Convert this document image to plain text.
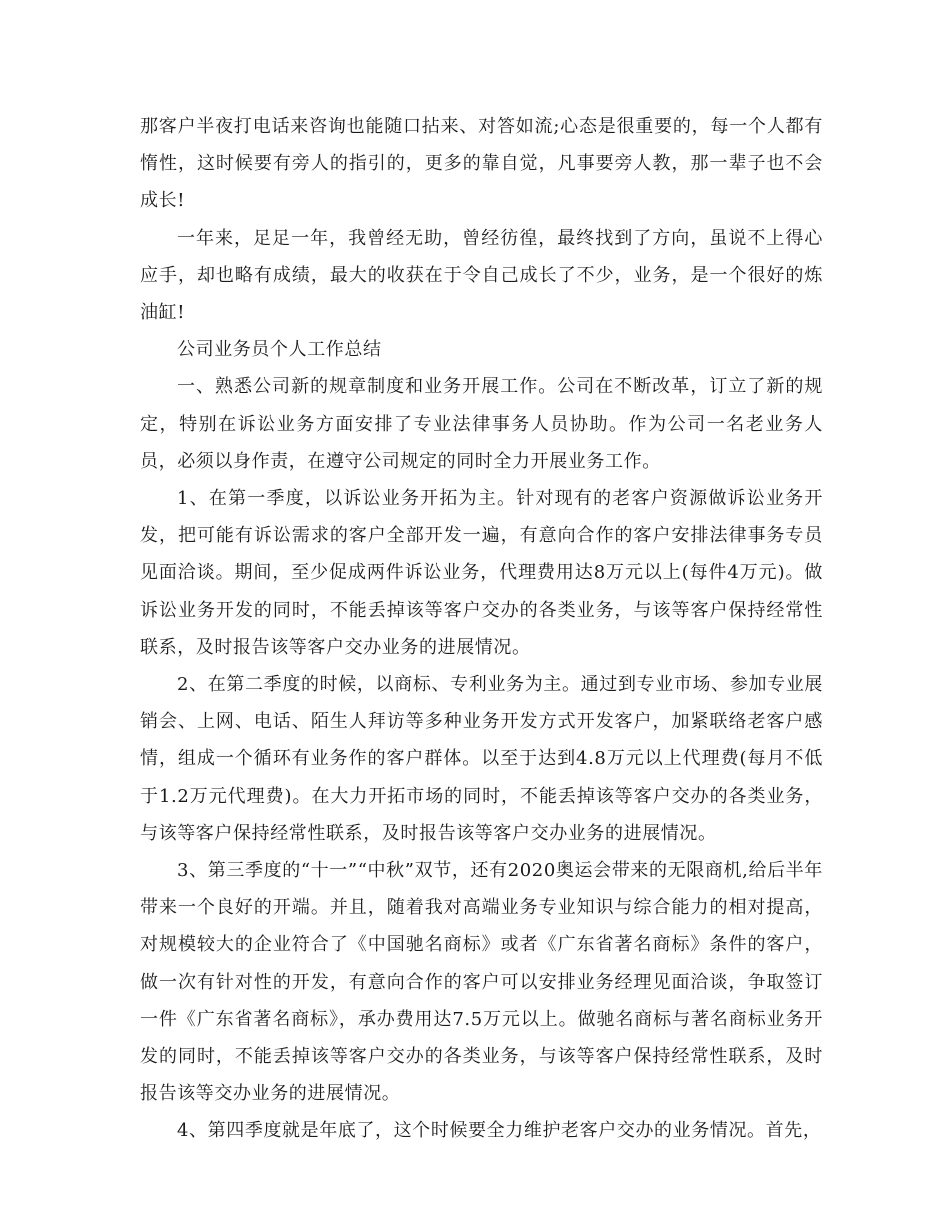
那客户半夜打电话来咨询也能随口拈来、对答如流;心态是很重要的，每一个人都有惰性，这时候要有旁人的指引的，更多的靠自觉，凡事要旁人教，那一辈子也不会成长!

一年来，足足一年，我曾经无助，曾经彷徨，最终找到了方向，虽说不上得心应手，却也略有成绩，最大的收获在于令自己成长了不少，业务，是一个很好的炼油缸!

公司业务员个人工作总结

一、熟悉公司新的规章制度和业务开展工作。公司在不断改革，订立了新的规定，特别在诉讼业务方面安排了专业法律事务人员协助。作为公司一名老业务人员，必须以身作责，在遵守公司规定的同时全力开展业务工作。

1、在第一季度，以诉讼业务开拓为主。针对现有的老客户资源做诉讼业务开发，把可能有诉讼需求的客户全部开发一遍，有意向合作的客户安排法律事务专员见面洽谈。期间，至少促成两件诉讼业务，代理费用达8万元以上(每件4万元)。做诉讼业务开发的同时，不能丢掉该等客户交办的各类业务，与该等客户保持经常性联系，及时报告该等客户交办业务的进展情况。

2、在第二季度的时候，以商标、专利业务为主。通过到专业市场、参加专业展销会、上网、电话、陌生人拜访等多种业务开发方式开发客户，加紧联络老客户感情，组成一个循环有业务作的客户群体。以至于达到4.8万元以上代理费(每月不低于1.2万元代理费)。在大力开拓市场的同时，不能丢掉该等客户交办的各类业务，与该等客户保持经常性联系，及时报告该等客户交办业务的进展情况。

3、第三季度的“十一”“中秋”双节，还有2020奥运会带来的无限商机,给后半年带来一个良好的开端。并且，随着我对高端业务专业知识与综合能力的相对提高，对规模较大的企业符合了《中国驰名商标》或者《广东省著名商标》条件的客户，做一次有针对性的开发，有意向合作的客户可以安排业务经理见面洽谈，争取签订一件《广东省著名商标》，承办费用达7.5万元以上。做驰名商标与著名商标业务开发的同时，不能丢掉该等客户交办的各类业务，与该等客户保持经常性联系，及时报告该等交办业务的进展情况。

4、第四季度就是年底了，这个时候要全力维护老客户交办的业务情况。首先，
